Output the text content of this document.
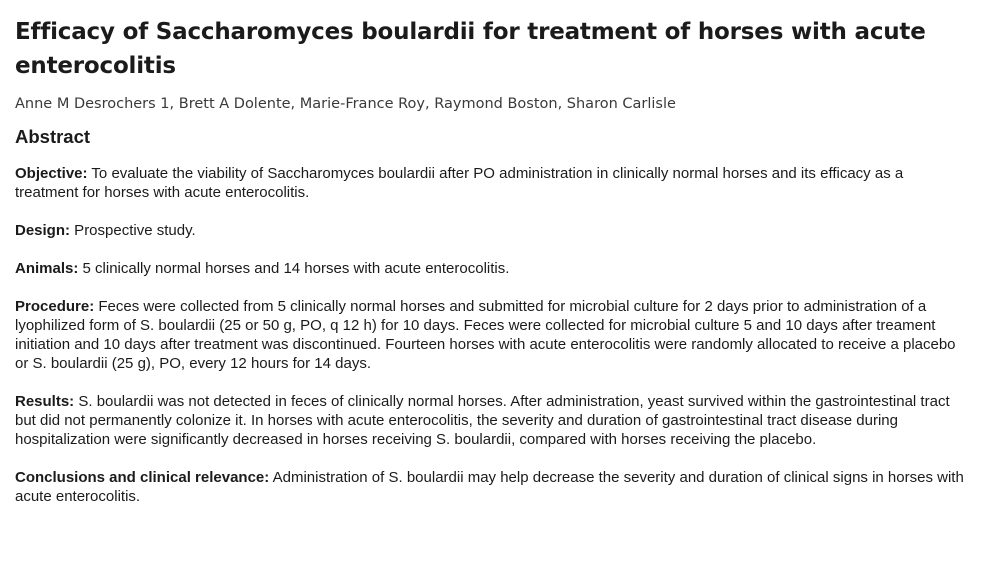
Efficacy of Saccharomyces boulardii for treatment of horses with acute enterocolitis
Anne M Desrochers 1, Brett A Dolente, Marie-France Roy, Raymond Boston, Sharon Carlisle
Abstract

Objective: To evaluate the viability of Saccharomyces boulardii after PO administration in clinically normal horses and its efficacy as a treatment for horses with acute enterocolitis.

Design: Prospective study.

Animals: 5 clinically normal horses and 14 horses with acute enterocolitis.

Procedure: Feces were collected from 5 clinically normal horses and submitted for microbial culture for 2 days prior to administration of a lyophilized form of S. boulardii (25 or 50 g, PO, q 12 h) for 10 days. Feces were collected for microbial culture 5 and 10 days after treament initiation and 10 days after treatment was discontinued. Fourteen horses with acute enterocolitis were randomly allocated to receive a placebo or S. boulardii (25 g), PO, every 12 hours for 14 days.

Results: S. boulardii was not detected in feces of clinically normal horses. After administration, yeast survived within the gastrointestinal tract but did not permanently colonize it. In horses with acute enterocolitis, the severity and duration of gastrointestinal tract disease during hospitalization were significantly decreased in horses receiving S. boulardii, compared with horses receiving the placebo.

Conclusions and clinical relevance: Administration of S. boulardii may help decrease the severity and duration of clinical signs in horses with acute enterocolitis.
